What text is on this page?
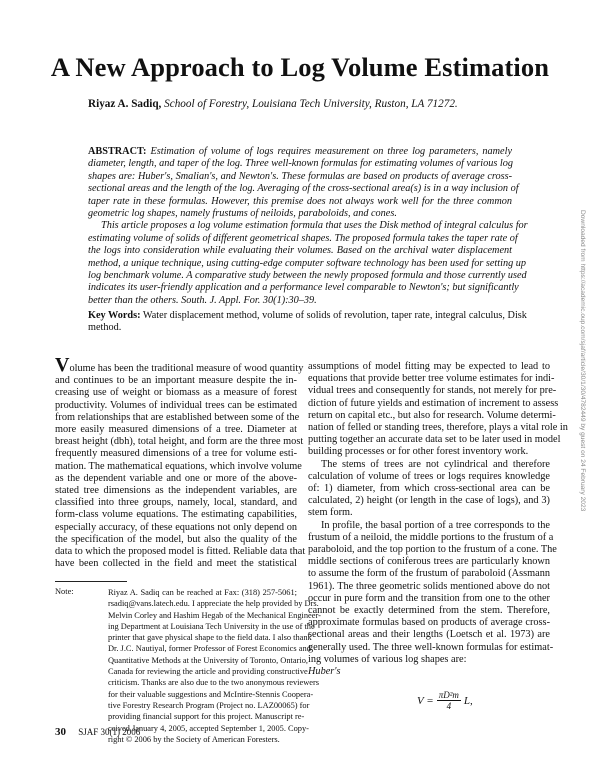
A New Approach to Log Volume Estimation
Riyaz A. Sadiq, School of Forestry, Louisiana Tech University, Ruston, LA 71272.
ABSTRACT: Estimation of volume of logs requires measurement on three log parameters, namely
diameter, length, and taper of the log. Three well-known formulas for estimating volumes of various log
shapes are: Huber's, Smalian's, and Newton's. These formulas are based on products of average cross-
sectional areas and the length of the log. Averaging of the cross-sectional area(s) is in a way inclusion of
taper rate in these formulas. However, this premise does not always work well for the three common
geometric log shapes, namely frustums of neiloids, paraboloids, and cones.
This article proposes a log volume estimation formula that uses the Disk method of integral calculus for
estimating volume of solids of different geometrical shapes. The proposed formula takes the taper rate of
the logs into consideration while evaluating their volumes. Based on the archival water displacement
method, a unique technique, using cutting-edge computer software technology has been used for setting up
log benchmark volume. A comparative study between the newly proposed formula and those currently used
indicates its user-friendly application and a performance level comparable to Newton's; but significantly
better than the others. South. J. Appl. For. 30(1):30–39.
Key Words: Water displacement method, volume of solids of revolution, taper rate, integral calculus, Disk
method.
Volume has been the traditional measure of wood quantity
and continues to be an important measure despite the in-
creasing use of weight or biomass as a measure of forest
productivity. Volumes of individual trees can be estimated
from relationships that are established between some of the
more easily measured dimensions of a tree. Diameter at
breast height (dbh), total height, and form are the three most
frequently measured dimensions of a tree for volume esti-
mation. The mathematical equations, which involve volume
as the dependent variable and one or more of the above-
stated tree dimensions as the independent variables, are
classified into three groups, namely, local, standard, and
form-class volume equations. The estimating capabilities,
especially accuracy, of these equations not only depend on
the specification of the model, but also the quality of the
data to which the proposed model is fitted. Reliable data that
have been collected in the field and meet the statistical
Note:	Riyaz A. Sadiq can be reached at Fax: (318) 257-5061;
rsadiq@vans.latech.edu. I appreciate the help provided by Drs.
Melvin Corley and Hashim Hegab of the Mechanical Engineer-
ing Department at Louisiana Tech University in the use of the
printer that gave physical shape to the field data. I also thank
Dr. J.C. Nautiyal, former Professor of Forest Economics and
Quantitative Methods at the University of Toronto, Ontario,
Canada for reviewing the article and providing constructive
criticism. Thanks are also due to the two anonymous reviewers
for their valuable suggestions and McIntire-Stennis Coopera-
tive Forestry Research Program (Project no. LAZ00065) for
providing financial support for this project. Manuscript re-
ceived January 4, 2005, accepted September 1, 2005. Copy-
right © 2006 by the Society of American Foresters.
assumptions of model fitting may be expected to lead to
equations that provide better tree volume estimates for indi-
vidual trees and consequently for stands, not merely for pre-
diction of future yields and estimation of increment to assess
return on capital etc., but also for research. Volume determi-
nation of felled or standing trees, therefore, plays a vital role in
putting together an accurate data set to be later used in model
building processes or for other forest inventory work.
The stems of trees are not cylindrical and therefore
calculation of volume of trees or logs requires knowledge
of: 1) diameter, from which cross-sectional area can be
calculated, 2) height (or length in the case of logs), and 3)
stem form.
In profile, the basal portion of a tree corresponds to the
frustum of a neiloid, the middle portions to the frustum of a
paraboloid, and the top portion to the frustum of a cone. The
middle sections of coniferous trees are particularly known
to assume the form of the frustum of paraboloid (Assmann
1961). The three geometric solids mentioned above do not
occur in pure form and the transition from one to the other
cannot be exactly determined from the stem. Therefore,
approximate formulas based on products of average cross-
sectional areas and their lengths (Loetsch et al. 1973) are
generally used. The three well-known formulas for estimat-
ing volumes of various log shapes are:
Huber's
$V = \frac{\text{πD²m}}{4} L$,
30 SJAF 30(1) 2006
Downloaded from https://academic.oup.com/sjaf/article/30/1/30/4782449 by guest on 24 February 2023
